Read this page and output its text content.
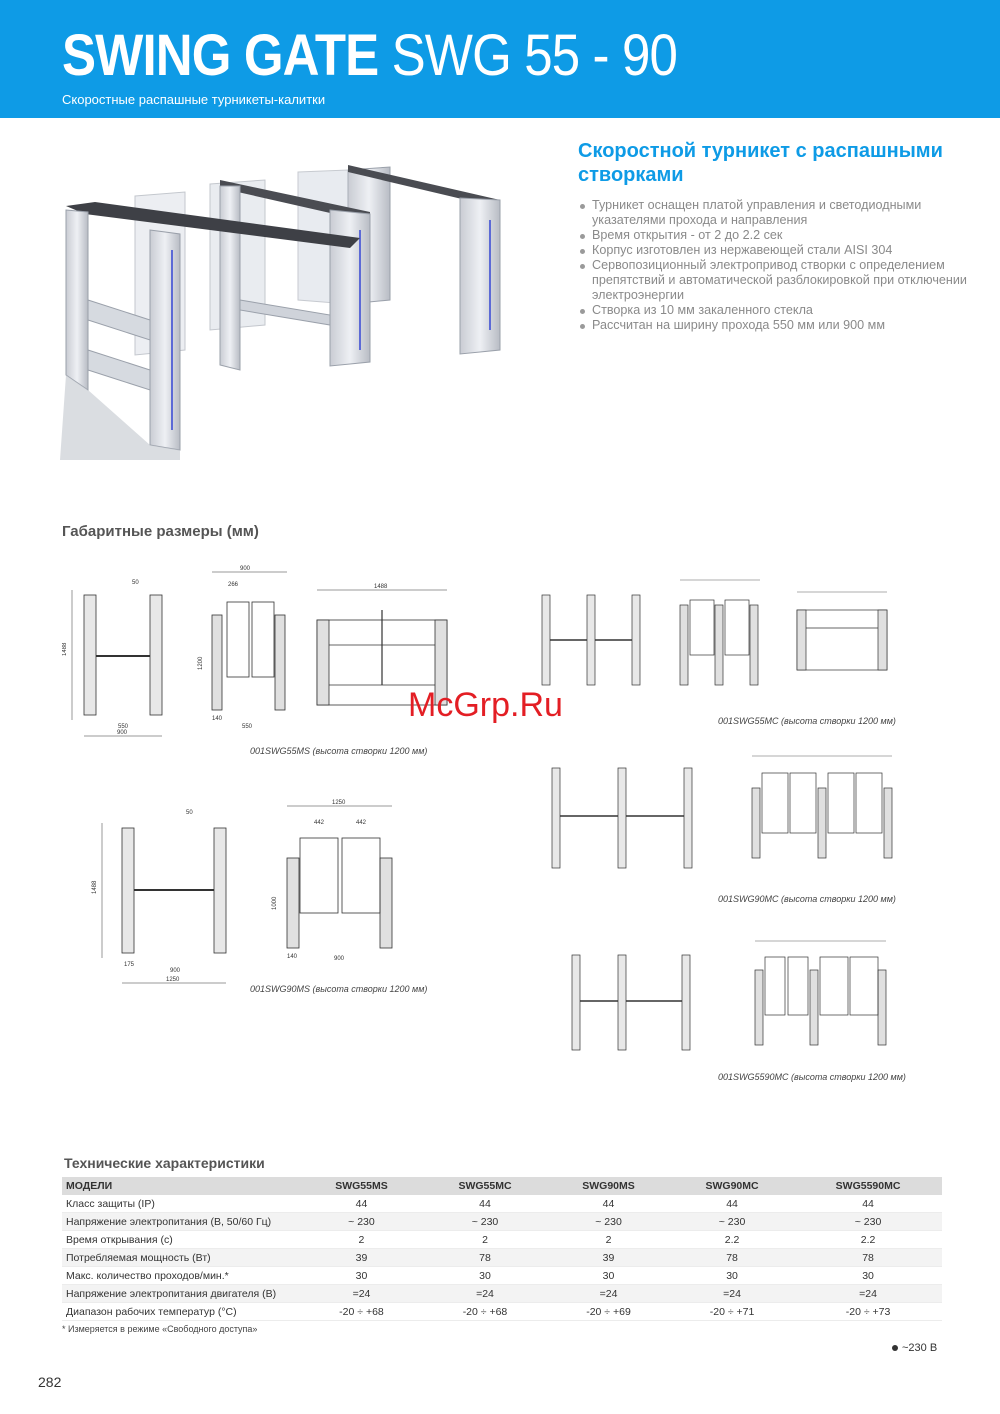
SWING GATE SWG 55 - 90
Скоростные распашные турникеты-калитки
Скоростной турникет с распашными створками
Турникет оснащен платой управления и светодиодными указателями прохода и направления
Время открытия - от 2 до 2.2 сек
Корпус изготовлен из нержавеющей стали AISI 304
Сервопозиционный электропривод створки с определением препятствий и автоматической разблокировкой при отключении электроэнергии
Створка из 10 мм закаленного стекла
Рассчитан на ширину прохода 550 мм или 900 мм
Габаритные размеры (мм)
1488
900
550
50
900
266
140
550
1200
1488
001SWG55MS (высота створки 1200 мм)
001SWG55MC (высота створки 1200 мм)
McGrp.Ru
1488
1250
900
175
50
1250
442	442
140	900
1000
001SWG90MS (высота створки 1200 мм)
001SWG90MC (высота створки 1200 мм)
001SWG5590MC (высота створки 1200 мм)
Технические характеристики
МОДЕЛИ	SWG55MS	SWG55MC	SWG90MS	SWG90MC	SWG5590MC
Класс защиты (IP)	44	44	44	44	44
Напряжение электропитания (В, 50/60 Гц)	~ 230	~ 230	~ 230	~ 230	~ 230
Время открывания (с)	2	2	2	2.2	2.2
Потребляемая мощность (Вт)	39	78	39	78	78
Макс. количество проходов/мин.*	30	30	30	30	30
Напряжение электропитания двигателя (В)	=24	=24	=24	=24	=24
Диапазон рабочих температур (°С)	-20 ÷ +68	-20 ÷ +68	-20 ÷ +69	-20 ÷ +71	-20 ÷ +73
* Измеряется в режиме «Свободного доступа»
~230 В
282
